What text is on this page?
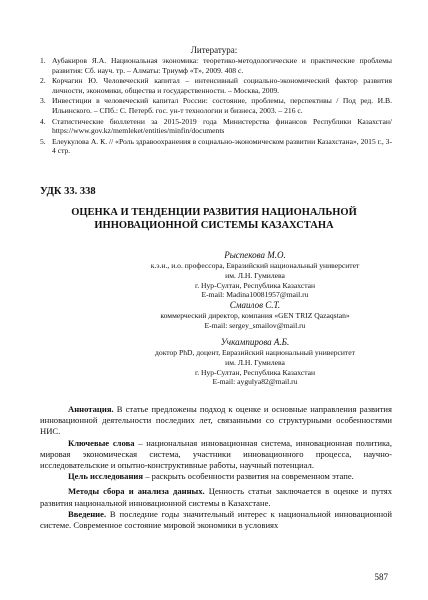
Литература:
1. Аубакиров Я.А. Национальная экономика: теоретико-методологические и практические проблемы развития: Сб. науч. тр. – Алматы: Триумф «Т», 2009. 408 с.
2. Корчагин Ю. Человеческий капитал – интенсивный социально-экономический фактор развития личности, экономики, общества и государственности. – Москва, 2009.
3. Инвестиции в человеческий капитал России: состояние, проблемы, перспективы / Под ред. И.В. Ильинского. – СПб.: С. Петерб. гос. ун-т технологии и бизнеса, 2003. – 216 с.
4. Статистические бюллетени за 2015-2019 года Министерства финансов Республики Казахстан/ https://www.gov.kz/memleket/entities/minfin/documents
5. Елеукулова А. К. // «Роль здравоохранения в социально-экономическом развитии Казахстана», 2015 г., 3-4 стр.
УДК 33. 338
ОЦЕНКА И ТЕНДЕНЦИИ РАЗВИТИЯ НАЦИОНАЛЬНОЙ
ИННОВАЦИОННОЙ СИСТЕМЫ КАЗАХСТАНА
Рыспекова М.О.
к.э.н., и.о. профессора, Евразийский национальный университет
им. Л.Н. Гумилева
г. Нур-Султан, Республика Казахстан
E-mail: Madina10081957@mail.ru
Смаилов С.Т.
коммерческий директор, компания «GEN TRIZ Qazaqstan»
E-mail: sergey_smailov@mail.ru
Учкампирова А.Б.
доктор PhD, доцент, Евразийский национальный университет
им. Л.Н. Гумилева
г. Нур-Султан, Республика Казахстан
E-mail: aygulya82@mail.ru

Аннотация. В статье предложены подход к оценке и основные направления развития инновационной деятельности последних лет, связанными со структурными особенностями НИС.

Ключевые слова – национальная инновационная система, инновационная политика, мировая экономическая система, участники инновационного процесса, научно-исследовательские и опытно-конструктивные работы, научный потенциал.

Цель исследования – раскрыть особенности развития на современном этапе.

Методы сбора и анализа данных. Ценность статьи заключается в оценке и путях развития национальной инновационной системы в Казахстане.

Введение. В последние годы значительный интерес к национальной инновационной системе. Современное состояние мировой экономики в условиях

587
